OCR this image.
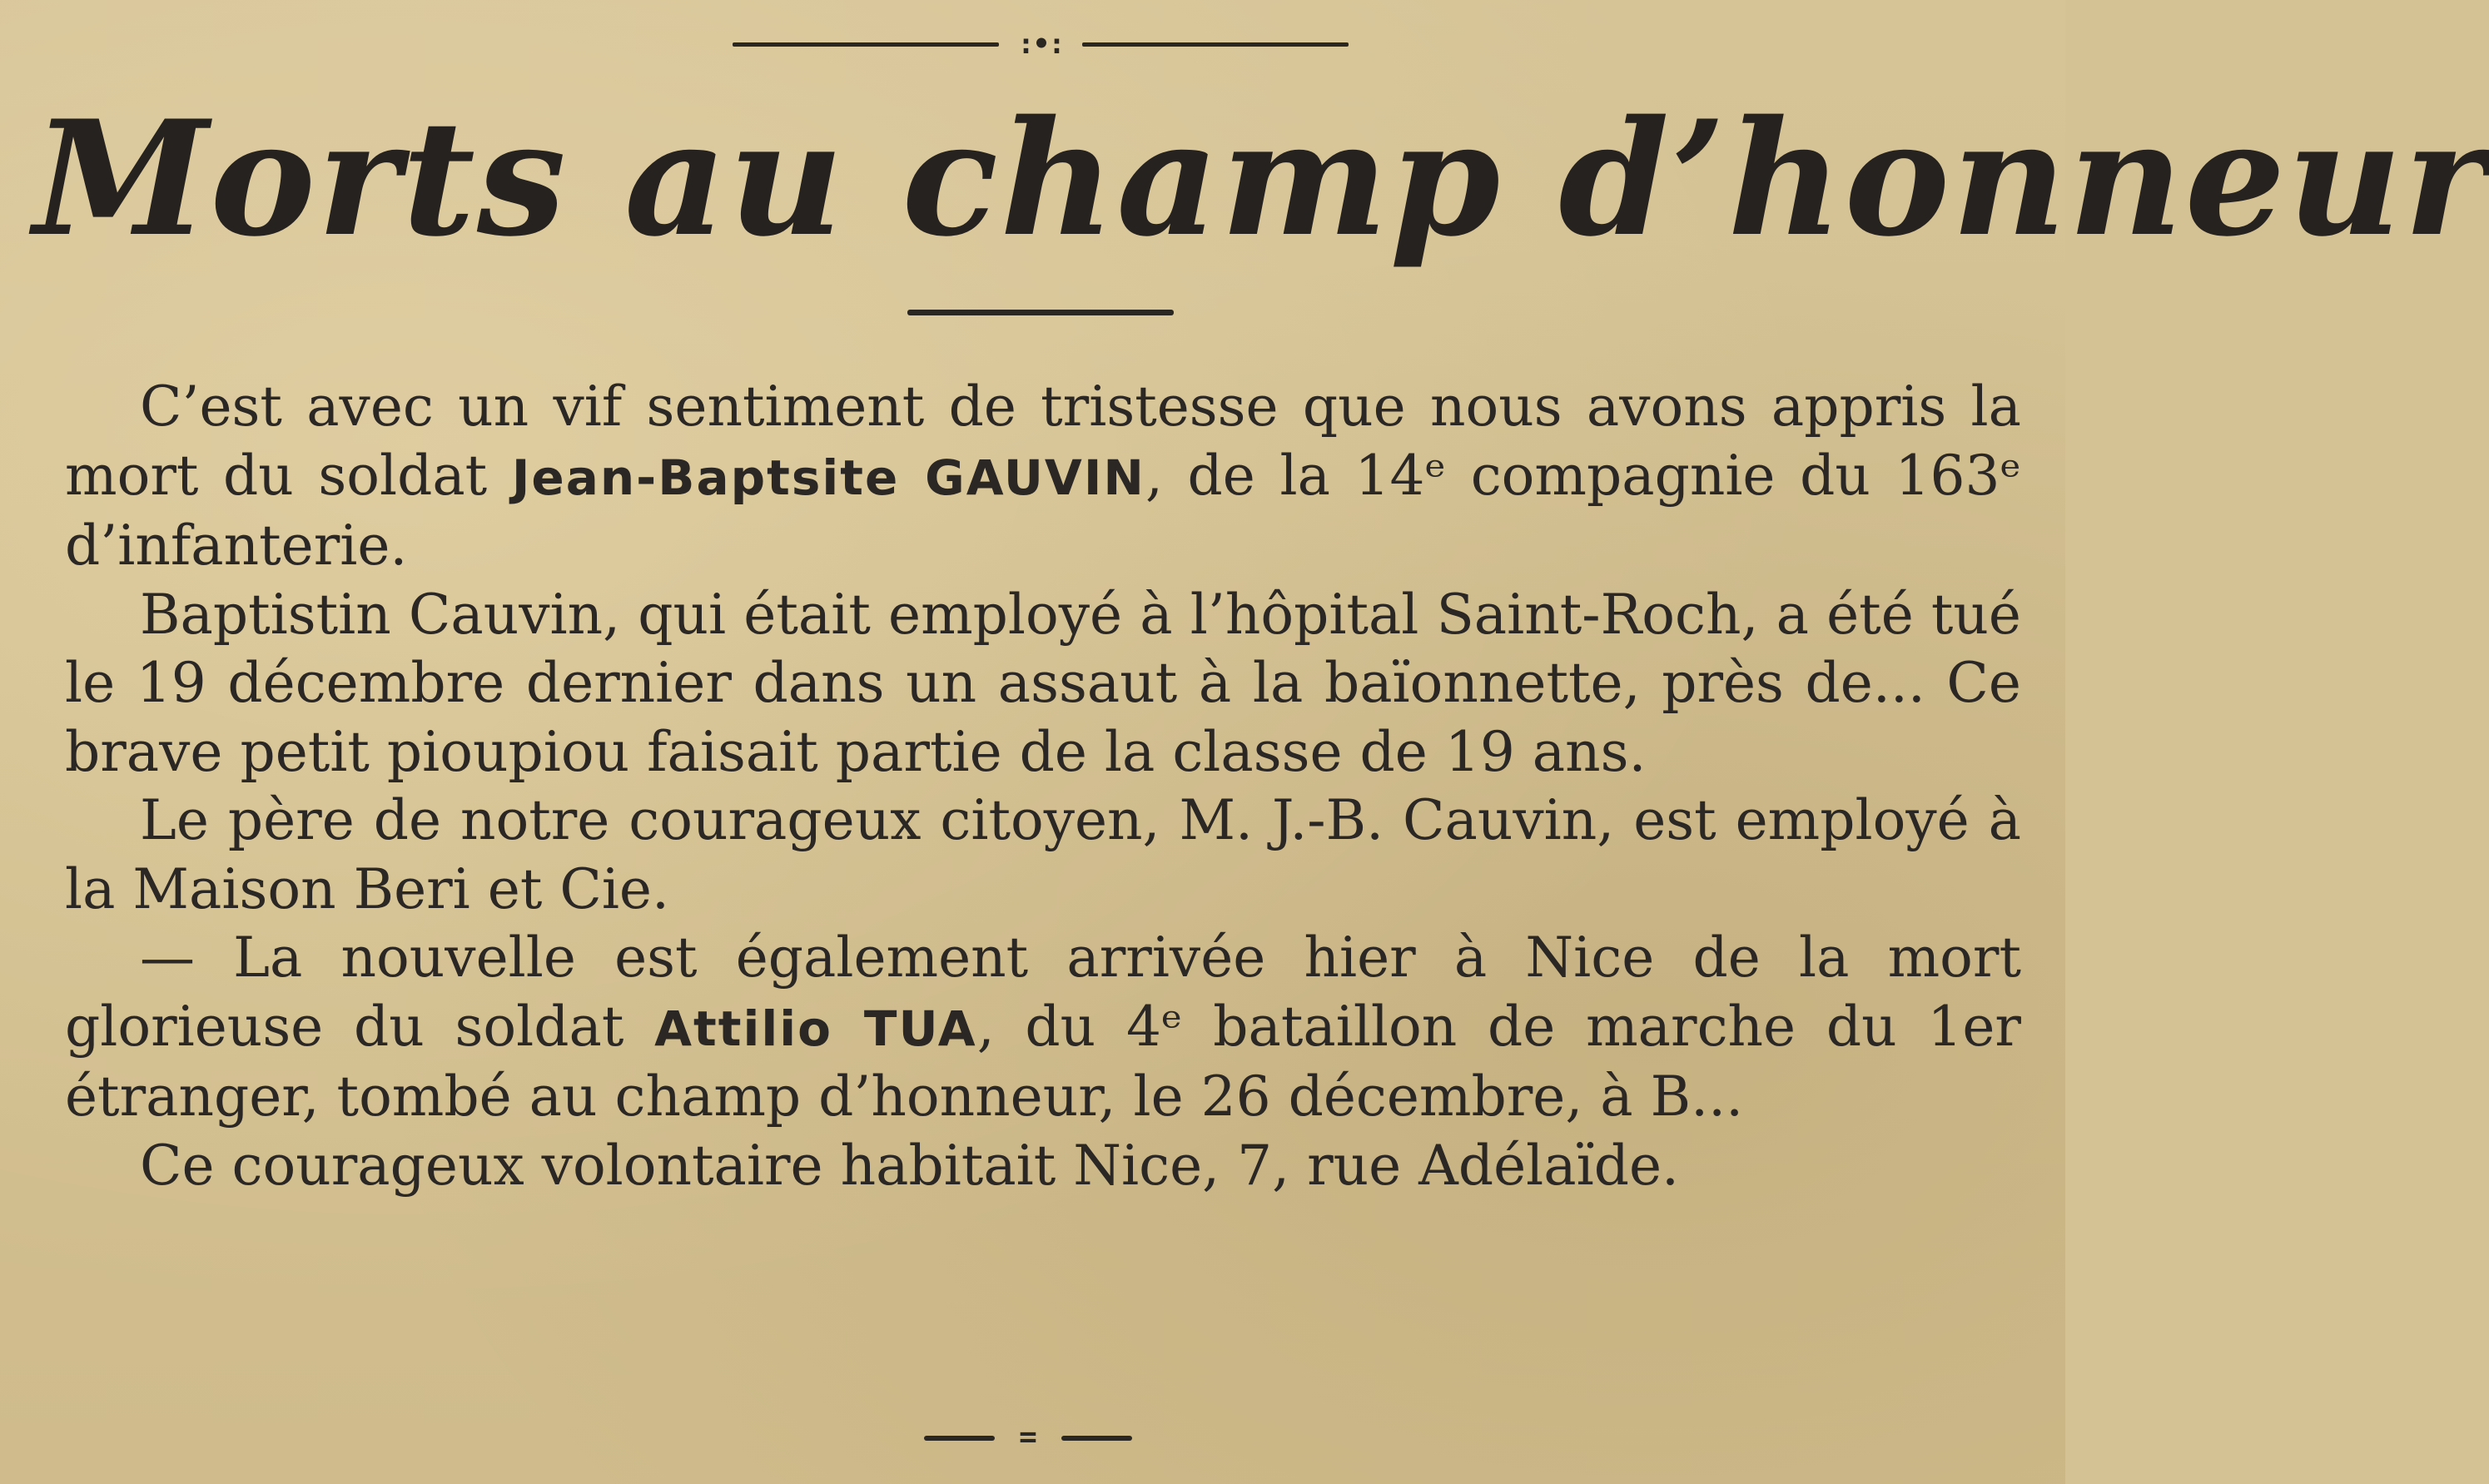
:•:
Morts au champ d’honneur

C’est avec un vif sentiment de tristesse que nous avons appris la mort du soldat Jean-Baptsite GAUVIN, de la 14ᵉ compagnie du 163ᵉ d’infanterie.

Baptistin Cauvin, qui était employé à l’hôpital Saint-Roch, a été tué le 19 décembre dernier dans un assaut à la baïonnette, près de... Ce brave petit pioupiou faisait partie de la classe de 19 ans.

Le père de notre courageux citoyen, M. J.-B. Cauvin, est employé à la Maison Beri et Cie.

— La nouvelle est également arrivée hier à Nice de la mort glorieuse du soldat Attilio TUA, du 4ᵉ bataillon de marche du 1er étranger, tombé au champ d’honneur, le 26 décembre, à B...

Ce courageux volontaire habitait Nice, 7, rue Adélaïde.

=
